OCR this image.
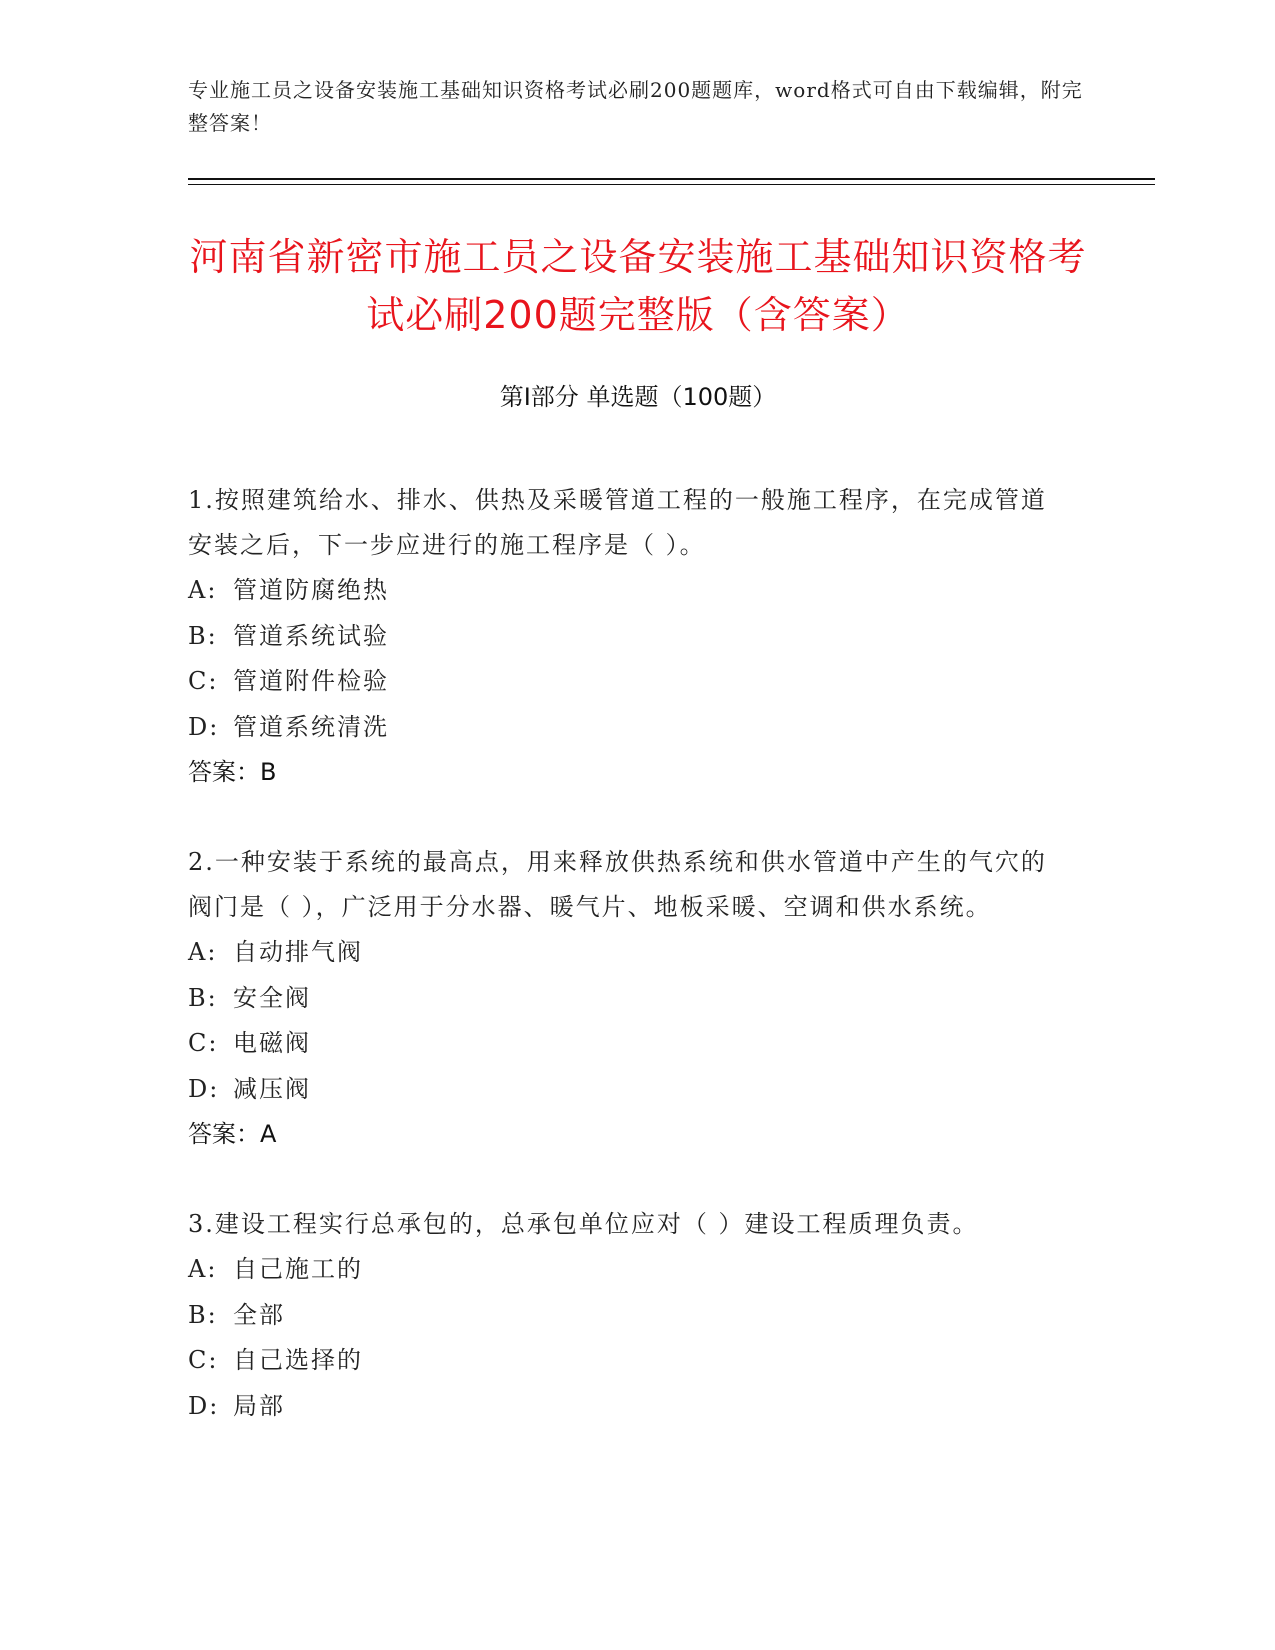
专业施工员之设备安装施工基础知识资格考试必刷200题题库，word格式可自由下载编辑，附完整答案！
河南省新密市施工员之设备安装施工基础知识资格考试必刷200题完整版（含答案）
第I部分 单选题（100题）

1.按照建筑给水、排水、供热及采暖管道工程的一般施工程序，在完成管道安装之后，下一步应进行的施工程序是（ ）。

A: 管道防腐绝热
B: 管道系统试验
C: 管道附件检验
D: 管道系统清洗
答案：B

2.一种安装于系统的最高点，用来释放供热系统和供水管道中产生的气穴的阀门是（ ），广泛用于分水器、暖气片、地板采暖、空调和供水系统。

A: 自动排气阀
B: 安全阀
C: 电磁阀
D: 减压阀
答案：A

3.建设工程实行总承包的，总承包单位应对（ ）建设工程质理负责。

A: 自己施工的
B: 全部
C: 自己选择的
D: 局部
